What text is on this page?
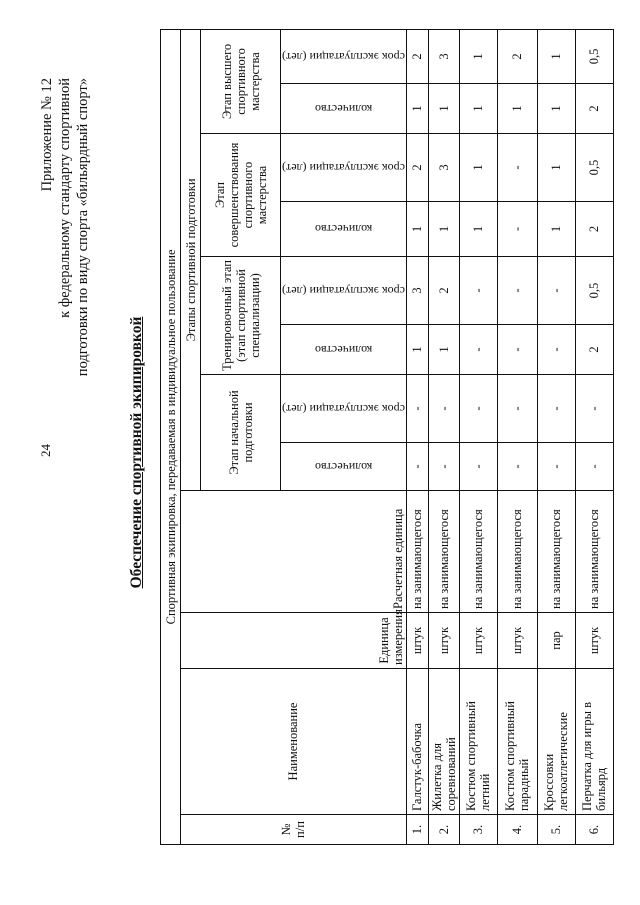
24
Приложение № 12 к федеральному стандарту спортивной подготовки по виду спорта «бильярдный спорт»
Обеспечение спортивной экипировкой Спортивная экипировка, передаваемая в индивидуальное пользование											
№ п/п	Наименование	Единица измерения	Расчетная единица	Этапы спортивной подготовки							
				Этап начальной подготовки		Тренировочный этап (этап спортивной специализации)		Этап совершенствования спортивного мастерства		Этап высшего спортивного мастерства	

				количество	срок эксплуатации (лет)	количество	срок эксплуатации (лет)	количество	срок эксплуатации (лет)	количество	срок эксплуатации (лет)

1.	Галстук-бабочка	штук	на занимающегося	-	-	1	3	1	2	1	2
2.	Жилетка для соревнований	штук	на занимающегося	-	-	1	2	1	3	1	3
3.	Костюм спортивный летний	штук	на занимающегося	-	-	-	-	1	1	1	1
4.	Костюм спортивный парадный	штук	на занимающегося	-	-	-	-	-	-	1	2
5.	Кроссовки легкоатлетические	пар	на занимающегося	-	-	-	-	1	1	1	1
6.	Перчатка для игры в бильярд	штук	на занимающегося	-	-	2	0,5	2	0,5	2	0,5
